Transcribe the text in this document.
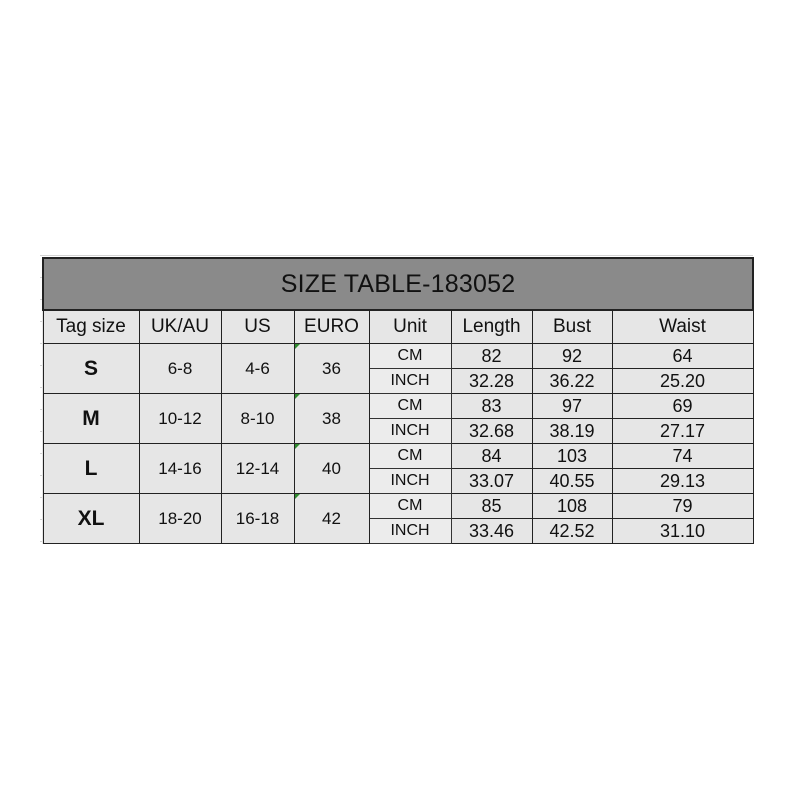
SIZE TABLE-183052							
Tag size	UK/AU	US	EURO	Unit	Length	Bust	Waist
S	6-8	4-6	36	CM	82	92	64
				INCH	32.28	36.22	25.20
M	10-12	8-10	38	CM	83	97	69
				INCH	32.68	38.19	27.17
L	14-16	12-14	40	CM	84	103	74
				INCH	33.07	40.55	29.13
XL	18-20	16-18	42	CM	85	108	79
				INCH	33.46	42.52	31.10
